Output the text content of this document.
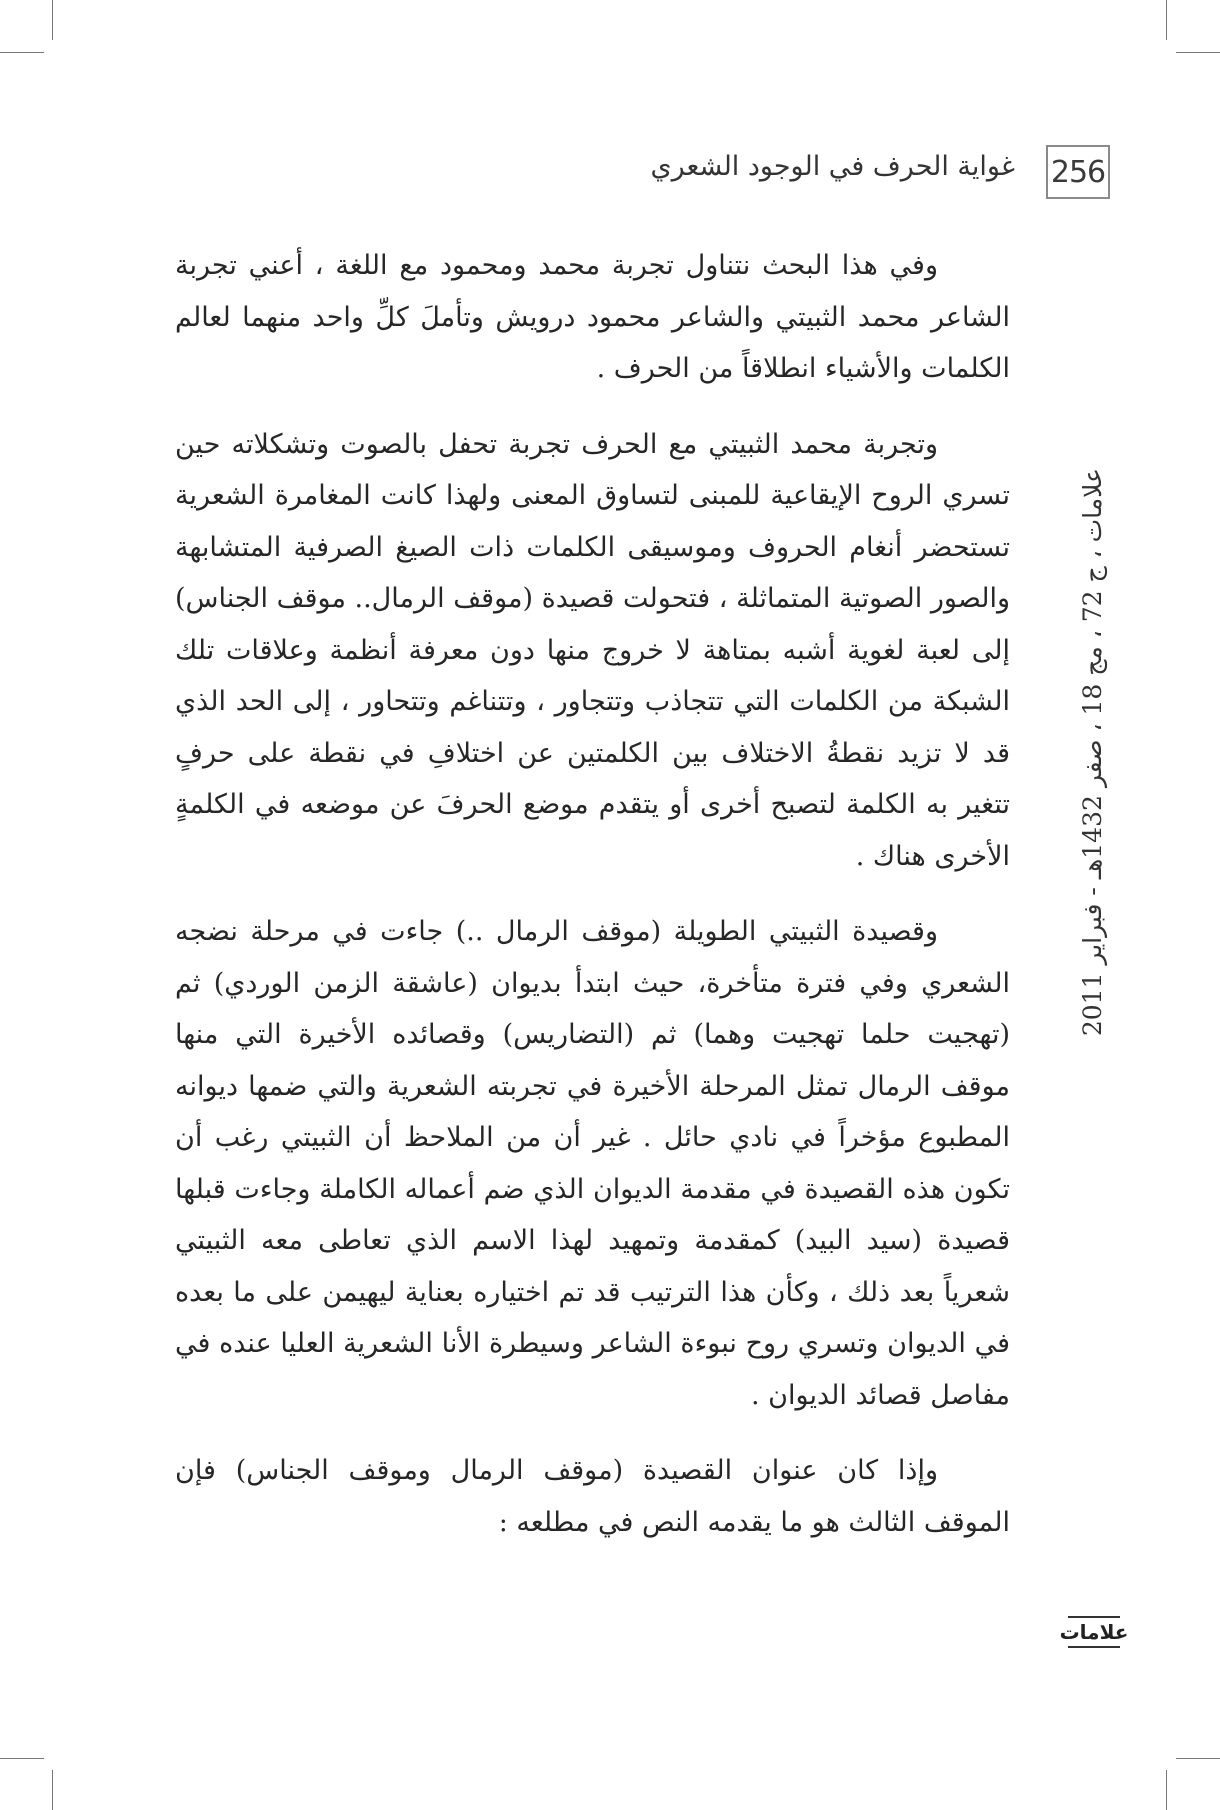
256
غواية الحرف في الوجود الشعري

وفي هذا البحث نتناول تجربة محمد ومحمود مع اللغة ، أعني تجربة الشاعر محمد الثبيتي والشاعر محمود درويش وتأملَ كلِّ واحد منهما لعالم الكلمات والأشياء انطلاقاً من الحرف .

وتجربة محمد الثبيتي مع الحرف تجربة تحفل بالصوت وتشكلاته حين تسري الروح الإيقاعية للمبنى لتساوق المعنى ولهذا كانت المغامرة الشعرية تستحضر أنغام الحروف وموسيقى الكلمات ذات الصيغ الصرفية المتشابهة والصور الصوتية المتماثلة ، فتحولت قصيدة (موقف الرمال.. موقف الجناس) إلى لعبة لغوية أشبه بمتاهة لا خروج منها دون معرفة أنظمة وعلاقات تلك الشبكة من الكلمات التي تتجاذب وتتجاور ، وتتناغم وتتحاور ، إلى الحد الذي قد لا تزيد نقطةُ الاختلاف بين الكلمتين عن اختلافِ في نقطة على حرفٍ تتغير به الكلمة لتصبح أخرى أو يتقدم موضع الحرفَ عن موضعه في الكلمةٍ الأخرى هناك .

وقصيدة الثبيتي الطويلة (موقف الرمال ..) جاءت في مرحلة نضجه الشعري وفي فترة متأخرة، حيث ابتدأ بديوان (عاشقة الزمن الوردي) ثم (تهجيت حلما تهجيت وهما) ثم (التضاريس) وقصائده الأخيرة التي منها موقف الرمال تمثل المرحلة الأخيرة في تجربته الشعرية والتي ضمها ديوانه المطبوع مؤخراً في نادي حائل . غير أن من الملاحظ أن الثبيتي رغب أن تكون هذه القصيدة في مقدمة الديوان الذي ضم أعماله الكاملة وجاءت قبلها قصيدة (سيد البيد) كمقدمة وتمهيد لهذا الاسم الذي تعاطى معه الثبيتي شعرياً بعد ذلك ، وكأن هذا الترتيب قد تم اختياره بعناية ليهيمن على ما بعده في الديوان وتسري روح نبوءة الشاعر وسيطرة الأنا الشعرية العليا عنده في مفاصل قصائد الديوان .

وإذا كان عنوان القصيدة (موقف الرمال وموقف الجناس) فإن الموقف الثالث هو ما يقدمه النص في مطلعه :

علامات ، ج 72 ، مج 18 ، صفر 1432هـ - فبراير 2011
علامات
